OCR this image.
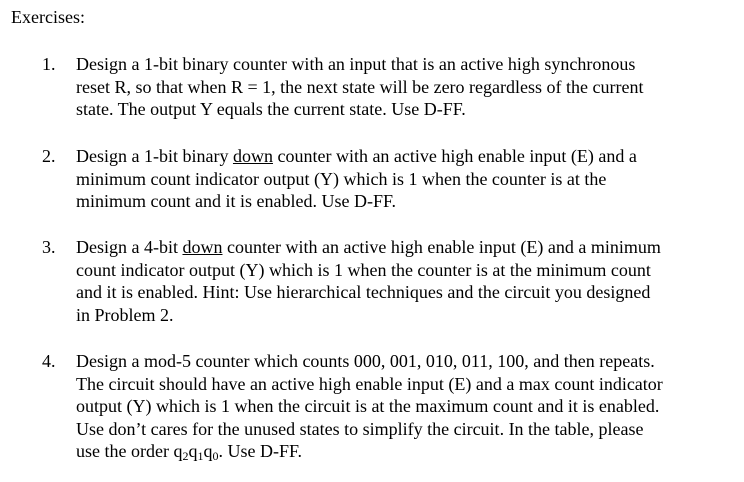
Exercises:

1.	Design a 1-bit binary counter with an input that is an active high synchronous
reset R, so that when R = 1, the next state will be zero regardless of the current
state. The output Y equals the current state. Use D-FF.
2.	Design a 1-bit binary down counter with an active high enable input (E) and a
minimum count indicator output (Y) which is 1 when the counter is at the
minimum count and it is enabled. Use D-FF.
3.	Design a 4-bit down counter with an active high enable input (E) and a minimum
count indicator output (Y) which is 1 when the counter is at the minimum count
and it is enabled. Hint: Use hierarchical techniques and the circuit you designed
in Problem 2.
4.	Design a mod-5 counter which counts 000, 001, 010, 011, 100, and then repeats.
The circuit should have an active high enable input (E) and a max count indicator
output (Y) which is 1 when the circuit is at the maximum count and it is enabled.
Use don’t cares for the unused states to simplify the circuit. In the table, please
use the order $q_2q_1q_0$. Use D-FF.
